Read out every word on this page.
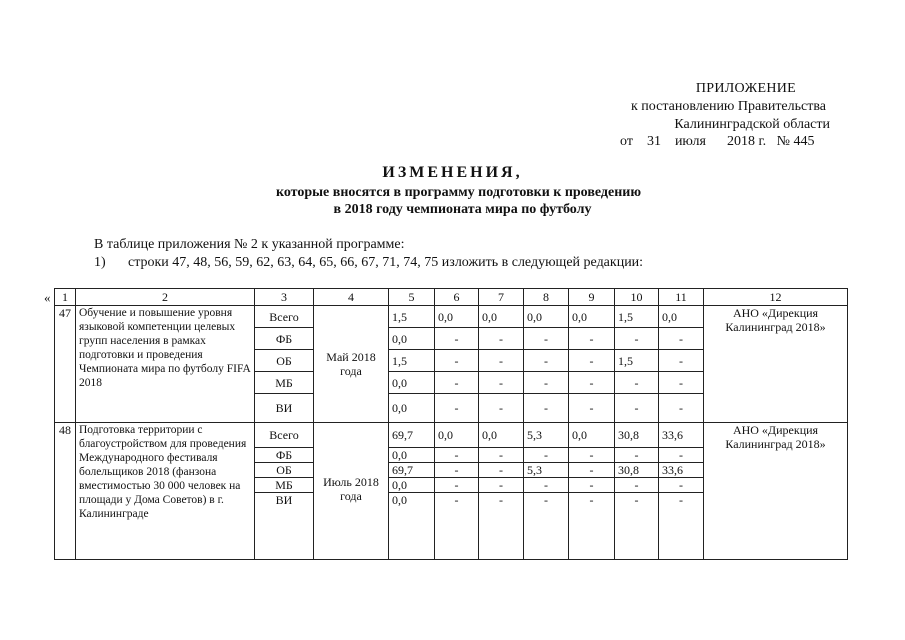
ПРИЛОЖЕНИЕ
к постановлению Правительства
Калининградской области
от 31 июля 2018 г. № 445
ИЗМЕНЕНИЯ,
которые вносятся в программу подготовки к проведению
в 2018 году чемпионата мира по футболу
В таблице приложения № 2 к указанной программе:
1) строки 47, 48, 56, 59, 62, 63, 64, 65, 66, 67, 71, 74, 75 изложить в следующей редакции:
« 1	2	3	4	5	6	7	8	9	10	11	12
47	Обучение и повышение уровня языковой компетенции целевых групп населения в рамках подготовки и проведения Чемпионата мира по футболу FIFA 2018	Всего	Май 2018 года	1,5	0,0	0,0	0,0	0,0	1,5	0,0	АНО «Дирекция Калининград 2018»
		ФБ		0,0	-	-	-	-	-	-	
		ОБ		1,5	-	-	-	-	1,5	-	
		МБ		0,0	-	-	-	-	-	-	
		ВИ		0,0	-	-	-	-	-	-	
48	Подготовка территории с благоустройством для проведения Международного фестиваля болельщиков 2018 (фанзона вместимостью 30 000 человек на площади у Дома Советов) в г. Калининграде	Всего	Июль 2018 года	69,7	0,0	0,0	5,3	0,0	30,8	33,6	АНО «Дирекция Калининград 2018»
		ФБ		0,0	-	-	-	-	-	-	
		ОБ		69,7	-	-	5,3	-	30,8	33,6	
		МБ		0,0	-	-	-	-	-	-	
		ВИ		0,0	-	-	-	-	-	-	
